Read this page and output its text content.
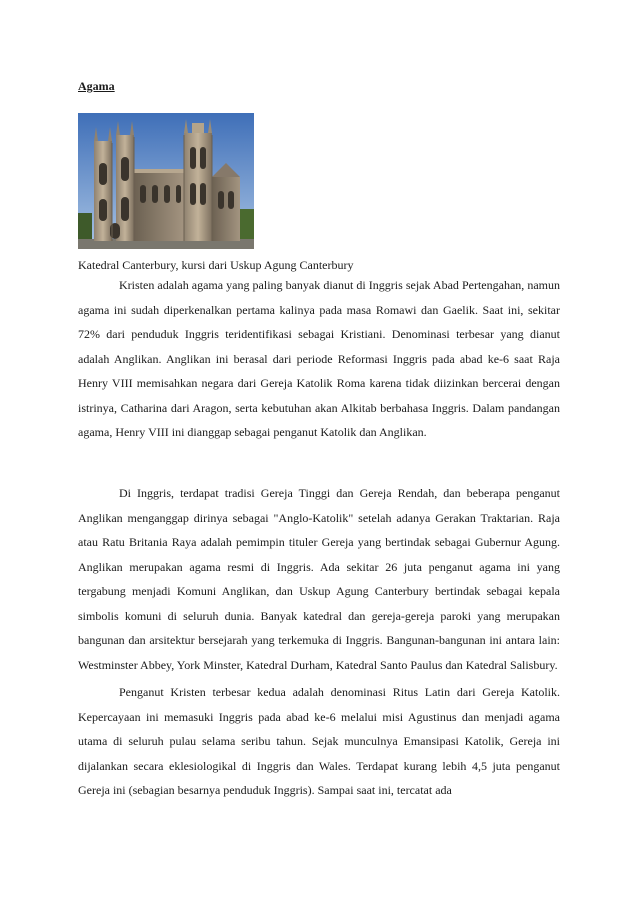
Agama

Katedral Canterbury, kursi dari Uskup Agung Canterbury

Kristen adalah agama yang paling banyak dianut di Inggris sejak Abad Pertengahan, namun agama ini sudah diperkenalkan pertama kalinya pada masa Romawi dan Gaelik. Saat ini, sekitar 72% dari penduduk Inggris teridentifikasi sebagai Kristiani. Denominasi terbesar yang dianut adalah Anglikan. Anglikan ini berasal dari periode Reformasi Inggris pada abad ke-6 saat Raja Henry VIII memisahkan negara dari Gereja Katolik Roma karena tidak diizinkan bercerai dengan istrinya, Catharina dari Aragon, serta kebutuhan akan Alkitab berbahasa Inggris. Dalam pandangan agama, Henry VIII ini dianggap sebagai penganut Katolik dan Anglikan.

Di Inggris, terdapat tradisi Gereja Tinggi dan Gereja Rendah, dan beberapa penganut Anglikan menganggap dirinya sebagai "Anglo-Katolik" setelah adanya Gerakan Traktarian. Raja atau Ratu Britania Raya adalah pemimpin tituler Gereja yang bertindak sebagai Gubernur Agung. Anglikan merupakan agama resmi di Inggris. Ada sekitar 26 juta penganut agama ini yang tergabung menjadi Komuni Anglikan, dan Uskup Agung Canterbury bertindak sebagai kepala simbolis komuni di seluruh dunia. Banyak katedral dan gereja-gereja paroki yang merupakan bangunan dan arsitektur bersejarah yang terkemuka di Inggris. Bangunan-bangunan ini antara lain: Westminster Abbey, York Minster, Katedral Durham, Katedral Santo Paulus dan Katedral Salisbury.

Penganut Kristen terbesar kedua adalah denominasi Ritus Latin dari Gereja Katolik. Kepercayaan ini memasuki Inggris pada abad ke-6 melalui misi Agustinus dan menjadi agama utama di seluruh pulau selama seribu tahun. Sejak munculnya Emansipasi Katolik, Gereja ini dijalankan secara eklesiologikal di Inggris dan Wales. Terdapat kurang lebih 4,5 juta penganut Gereja ini (sebagian besarnya penduduk Inggris). Sampai saat ini, tercatat ada
